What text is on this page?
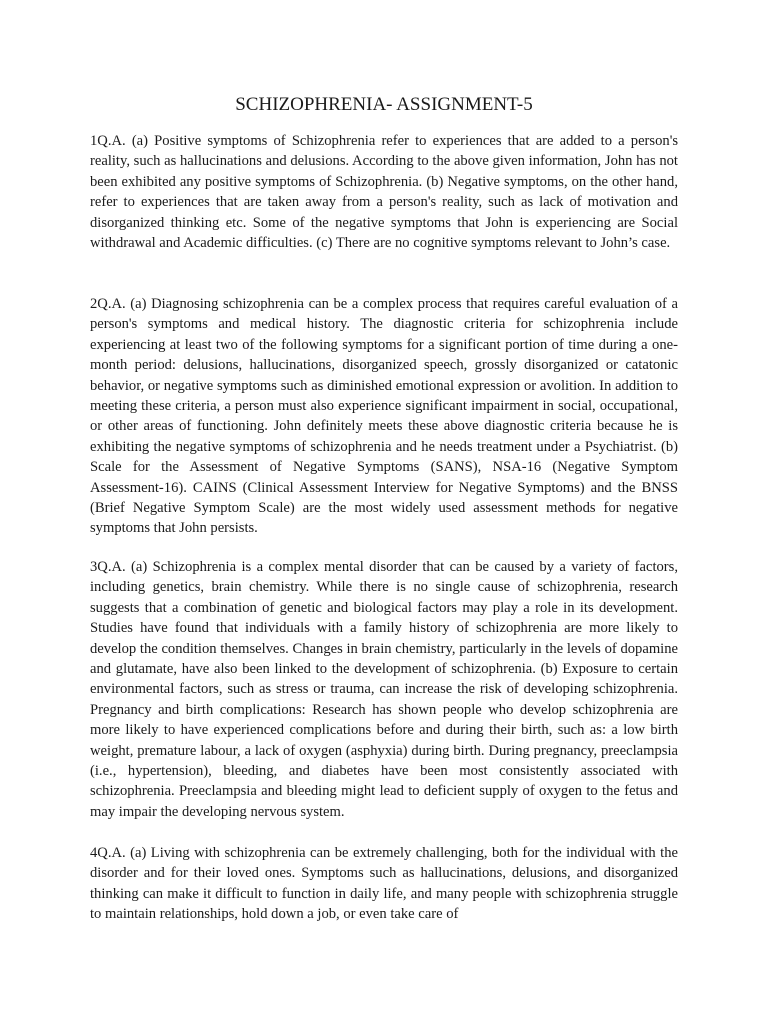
SCHIZOPHRENIA- ASSIGNMENT-5

1Q.A. (a) Positive symptoms of Schizophrenia refer to experiences that are added to a person's reality, such as hallucinations and delusions. According to the above given information, John has not been exhibited any positive symptoms of Schizophrenia. (b) Negative symptoms, on the other hand, refer to experiences that are taken away from a person's reality, such as lack of motivation and disorganized thinking etc. Some of the negative symptoms that John is experiencing are Social withdrawal and Academic difficulties. (c) There are no cognitive symptoms relevant to John’s case.

2Q.A. (a) Diagnosing schizophrenia can be a complex process that requires careful evaluation of a person's symptoms and medical history. The diagnostic criteria for schizophrenia include experiencing at least two of the following symptoms for a significant portion of time during a one-month period: delusions, hallucinations, disorganized speech, grossly disorganized or catatonic behavior, or negative symptoms such as diminished emotional expression or avolition. In addition to meeting these criteria, a person must also experience significant impairment in social, occupational, or other areas of functioning. John definitely meets these above diagnostic criteria because he is exhibiting the negative symptoms of schizophrenia and he needs treatment under a Psychiatrist. (b) Scale for the Assessment of Negative Symptoms (SANS), NSA-16 (Negative Symptom Assessment-16). CAINS (Clinical Assessment Interview for Negative Symptoms) and the BNSS (Brief Negative Symptom Scale) are the most widely used assessment methods for negative symptoms that John persists.

3Q.A. (a) Schizophrenia is a complex mental disorder that can be caused by a variety of factors, including genetics, brain chemistry. While there is no single cause of schizophrenia, research suggests that a combination of genetic and biological factors may play a role in its development. Studies have found that individuals with a family history of schizophrenia are more likely to develop the condition themselves. Changes in brain chemistry, particularly in the levels of dopamine and glutamate, have also been linked to the development of schizophrenia. (b) Exposure to certain environmental factors, such as stress or trauma, can increase the risk of developing schizophrenia. Pregnancy and birth complications: Research has shown people who develop schizophrenia are more likely to have experienced complications before and during their birth, such as: a low birth weight, premature labour, a lack of oxygen (asphyxia) during birth. During pregnancy, preeclampsia (i.e., hypertension), bleeding, and diabetes have been most consistently associated with schizophrenia. Preeclampsia and bleeding might lead to deficient supply of oxygen to the fetus and may impair the developing nervous system.

4Q.A. (a) Living with schizophrenia can be extremely challenging, both for the individual with the disorder and for their loved ones. Symptoms such as hallucinations, delusions, and disorganized thinking can make it difficult to function in daily life, and many people with schizophrenia struggle to maintain relationships, hold down a job, or even take care of
